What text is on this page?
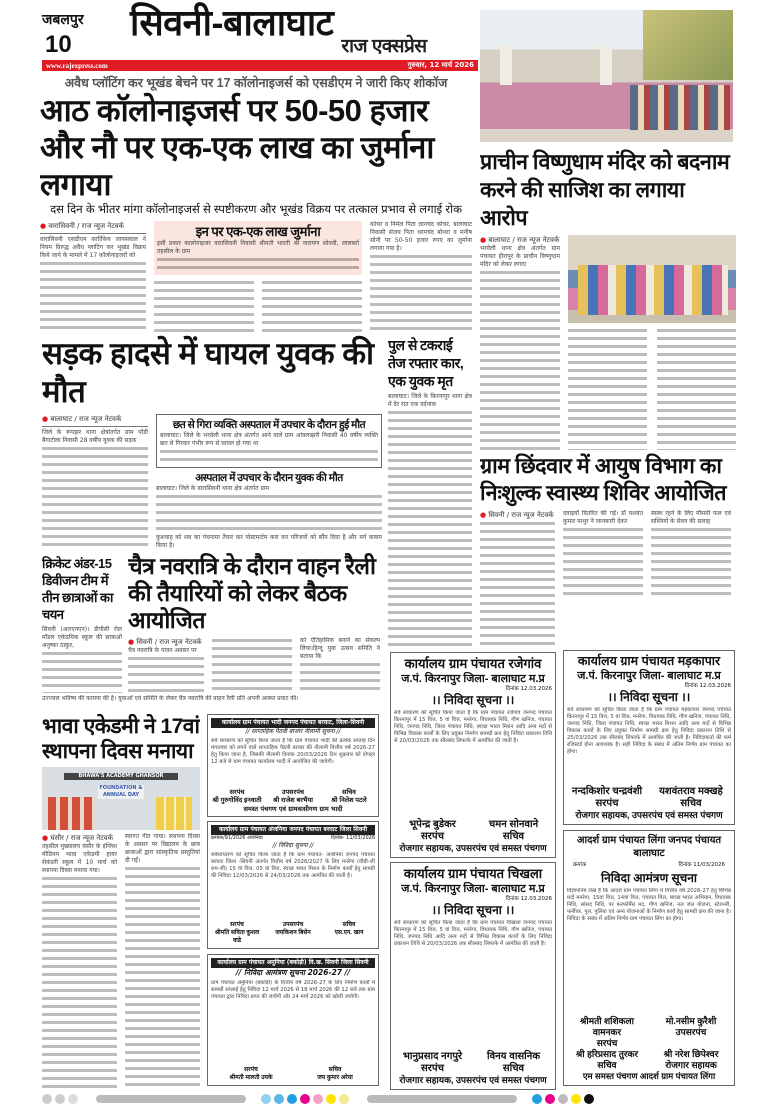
जबलपुर
10
सिवनी-बालाघाट
राज एक्सप्रेस
www.rajexpress.com	गुरुवार, 12 मार्च 2026
अवैध प्लॉटिंग कर भूखंड बेचने पर 17 कॉलोनाइजर्स को एसडीएम ने जारी किए शोकॉज
आठ कॉलोनाइजर्स पर 50-50 हजार और नौ पर एक-एक लाख का जुर्माना लगाया
दस दिन के भीतर मांगा कॉलोनाइजर्स से स्पष्टीकरण और भूखंड विक्रय पर तत्काल प्रभाव से लगाई रोक
● वारासिवनी / राज न्यूज नेटवर्क
वारासिवनी एसडीएम कार्तिकेय जायसवाल ने नियम विरुद्ध अवैध प्लाटिंग कर भूखंड विक्रय किये जाने के मामले में 17 कॉलोनाइजरों को
इन पर एक-एक लाख जुर्माना
इसी प्रकार कालोनाइजर वारासिवनी निवासी श्रीमती भारती श्री नारायण सोनवी, लालबर्रा तहसील के ग्राम
कोचर व निर्मल पिता ज्ञानचंद कोचर, बालाघाट निवासी संजय पिता धरमचंद बोथरा व मनीष सोनी पर 50-50 हजार रुपए का जुर्माना लगाया गया है।
प्राचीन विष्णुधाम मंदिर को बदनाम करने की साजिश का लगाया आरोप
● बालाघाट / राज न्यूज नेटवर्क
भरवेली थाना क्षेत्र अंतर्गत ग्राम पंचायत हीरापुर के प्राचीन विष्णुधाम मंदिर को लेकर लगाए
सड़क हादसे में घायल युवक की मौत
● बालाघाट / राज न्यूज नेटवर्क
जिले के रूपझर थाना क्षेत्रांतर्गत ग्राम पोंडी बैगाटोला निवासी 28 वर्षीय युवक की सड़क
छत से गिरा व्यक्ति अस्पताल में उपचार के दौरान हुई मौत
बालाघाट। जिले के भरवेली थाना क्षेत्र अंतर्गत आने वाले ग्राम आंवलाझरी निवासी 40 वर्षीय व्यक्ति छत से गिरकर गंभीर रूप से घायल हो गया था
अस्पताल में उपचार के दौरान युवक की मौत
बालाघाट। जिले के वारासिवनी थाना क्षेत्र अंतर्गत ग्राम
कुशवाह को शव का पंचनामा तैयार कर पोस्टमार्टम करा कर परिजनों को सौंप दिया है और मर्ग कायम किया है।
पुल से टकराई तेज रफ्तार कार, एक युवक मृत
बालाघाट। जिले के किरनापुर थाना क्षेत्र में देर रात एक दर्दनाक
ग्राम छिंदवार में आयुष विभाग का निःशुल्क स्वास्थ्य शिविर आयोजित
● सिवनी / राज न्यूज नेटवर्क दवाइयाँ वितरित की गईं। डॉ यशवंत कुमार माथुर ने जानकारी देकर
स्वस्थ रहने के लिए मौसमी फल एवं सब्जियों के सेवन की सलाह
क्रिकेट अंडर-15 डिवीजन टीम में तीन छात्राओं का चयन
सिवनी (आरएनएन)। डीपीसी रोल मॉडल एकेडमिक स्कूल की छात्राओं अनुष्का ठाकुर,
चैत्र नवरात्रि के दौरान वाहन रैली की तैयारियों को लेकर बैठक आयोजित
● सिवनी / राज न्यूज नेटवर्क
चैत्र नवरात्रि के पावन अवसर पर
को ऐतिहासिक बनाने का संकल्प लिया।हिन्दू युवा उत्सव समिति ने बताया कि
उज्ज्वल भविष्य की कामना की है। युवाओं एवं समिति के लेकर चैत्र नवरात्रि की वाहन रैली प्रति अपनी आस्था प्रकट की।
भावा एकेडमी ने 17वां स्थापना दिवस मनाया
BHAWA'S ACADEMY GHANSOR
FOUNDATION & ANNUAL DAY
● घंसौर / राज न्यूज नेटवर्क
तहसील मुख्यालय घंसौर के इंग्लिश मीडियम भावा एकेडमी हायर सेकंडरी स्कूल में 10 मार्च को स्थापना दिवस मनाया गया।
स्वागत गीत गाया। स्थापना दिवस के अवसर पर विद्यालय के छात्र छात्राओं द्वारा सांस्कृतिक प्रस्तुतियां दी गईं।
कार्यालय ग्राम पंचायत भादी जनपद पंचायत बरघाट, जिला-सिवनी
// साप्ताहिक पैठवी बाजार नीलामी सूचना //
सर्व साधारण को सूचित किया जाता है कि ग्राम पंचायत भादी की प्रत्येक सप्ताह दिन मंगलवार को लगने वाले साप्ताहिक पैठवी बाजार की नीलामी वित्तीय वर्ष 2026-27 हेतु किया जाना है, जिसकी नीलामी दिनांक 20/03/2026 दिन शुक्रवार को दोपहर 12 बजे से ग्राम पंचायत कार्यालय भादी में आयोजित की जावेगी।
सरपंच
श्री गुरुगोविंद इनवाती
उपसरपंच
श्री राजेश बरभैया
सचिव
श्री निलेश पटले
समस्त पंचगण एवं ग्रामवासीगण ग्राम भादी
कार्यालय ग्राम पंचायत अंजनिया जनपद पंचायत बरघाट जिला सिवनी
क्रमांक/91/2026 अंजनिया	दिनांक- 11/03/2026
// निविदा सूचना //
सर्वसाधारण को सूचित किया जाता है कि ग्राम पंचायत- अंजनिया जनपद पंचायत बरघाट जिला -सिवनी अंतर्गत वित्तीय वर्ष 2026/2027 के लिए मनरेगा (वीबी-जी राम-जी) 15 वां वित्त, 05 वां वित्त, स्वच्छ भारत मिशन के निर्माण कार्यों हेतु सामग्री की निविदा 12/03/2026 से 24/03/2026 तक आमंत्रित की जाती है।
सरपंच
श्रीमति सविता कुशल वाडे
उपसरपंच
जयकिशन बिसेन
सचिव
एस.एन. खान
कार्यालय ग्राम पंचायत अमुनिया (बकोड़ी) वि.ख. सिवनी जिला सिवनी
// निविदा आमंत्रण सूचना 2026-27 //
ग्राम पंचायत अमुनिया (बकोड़ी) के वित्तीय वर्ष 2026-27 के लिए निर्माण कार्यों में सामग्री सप्लाई हेतु निविदा 12 मार्च 2026 से 18 मार्च 2026 की 12 बजे तक ग्राम पंचायत द्वारा निविदा प्राप्त की जावेगी और 24 मार्च 2026 को खोली जावेगी।
सरपंच
श्रीमती मालती उयके
सचिव
जय कुमार अरेया
कार्यालय ग्राम पंचायत रजेगांव
ज.पं. किरनापुर जिला- बालाघाट म.प्र
दिनांक 12.03.2026
।। निविदा सूचना ।।
सर्व साधारण को सूचित किया जाता है कि ग्राम पंचायत रजेगांव जनपद पंचायत किरनापुर में 15 वित्त, 5 वां वित्त, मनरेगा, विधायक निधि, गौण खनिज, पंचायत निधि, जनपद निधि, जिला पंचायत निधि, स्वच्छ भारत मिशन आदि अन्य मदों से विभिन्न विकास कार्यों के लिए प्रयुक्त निर्माण सामग्री क्रय हेतु निविदा प्रकाशन तिथि से 20/03/2026 तक सीलबंद लिफाफे में आमंत्रित की जाती है।
भूपेन्द्र बुडेकर
सरपंच
चमन सोनवाने
सचिव
रोजगार सहायक, उपसरपंच एवं समस्त पंचगण
कार्यालय ग्राम पंचायत चिखला
ज.पं. किरनापुर जिला- बालाघाट म.प्र
दिनांक 12.03.2026
।। निविदा सूचना ।।
सर्व साधारण को सूचित किया जाता है कि ग्राम पंचायत चिखला जनपद पंचायत किरनापुर में 15 वित्त, 5 वां वित्त, मनरेगा, विधायक निधि, गौण खनिज, पंचायत निधि, जनपद निधि आदि अन्य मदों से विभिन्न विकास कार्यों के लिए निविदा प्रकाशन तिथि से 20/03/2026 तक सीलबंद लिफाफे में आमंत्रित की जाती है।
भानुप्रसाद नगपुरे
सरपंच
विनय वासनिक
सचिव
रोजगार सहायक, उपसरपंच एवं समस्त पंचगण
कार्यालय ग्राम पंचायत मड़कापार
ज.पं. किरनापुर जिला- बालाघाट म.प्र
दिनांक 12.03.2026
।। निविदा सूचना ।।
सर्व साधारण को सूचित किया जाता है कि ग्राम पंचायत मड़कापार जनपद पंचायत किरनापुर में 15 वित्त, 5 वां वित्त, मनरेगा, विधायक निधि, गौण खनिज, पंचायत निधि, जनपद निधि, जिला पंचायत निधि, स्वच्छ भारत मिशन आदि अन्य मदों से विभिन्न विकास कार्यों के लिए प्रयुक्त निर्माण सामग्री क्रय हेतु निविदा प्रकाशन तिथि से 25/03/2026 तक सीलबंद लिफाफे में आमंत्रित की जाती है। निविदाकर्ता की फर्म रजिस्टर्ड होना आवश्यक है। सही निविदा के संबंध में अंतिम निर्णय ग्राम पंचायत का होगा।
नन्दकिशोर चन्द्रवंशी
सरपंच
यशवंतराव मक्खहे
सचिव
रोजगार सहायक, उपसरपंच एवं समस्त पंचगण
आदर्श ग्राम पंचायत लिंगा जनपद पंचायत बालाघाट
क्रमांक	दिनांक 11/03/2026
निविदा आमंत्रण सूचना
विज्ञापनिय लेख है कि आदर्श ग्राम पंचायत लिंगा में वित्तीय वर्ष 2026-27 हेतु विभिन्न मदों मनरेगा, 15वां वित्त, 14वां वित्त, पंचायत वित्त, स्वच्छ भारत अभियान, विधायक निधि, सांसद निधि, पर फरफोर्मेंस मद, गौण खनिज, नल जल योजना, स्टेशनरी, फर्नीचर, पुल, पुलिया एवं अन्य योजनाओं के निर्माण कार्य हेतु सामग्री क्रय की जाना है। निविदा के संबंध में अंतिम निर्णय ग्राम पंचायत लिंगा का होगा।
श्रीमती शशिकला वामनकर
सरपंच
मो.नसीम कुरैशी
उपसरपंच
श्री हरिप्रसाद तुरकर
सचिव
श्री नरेश छिपेश्वर
रोजगार सहायक
एम समस्त पंचगण आदर्श ग्राम पंचायत लिंगा
